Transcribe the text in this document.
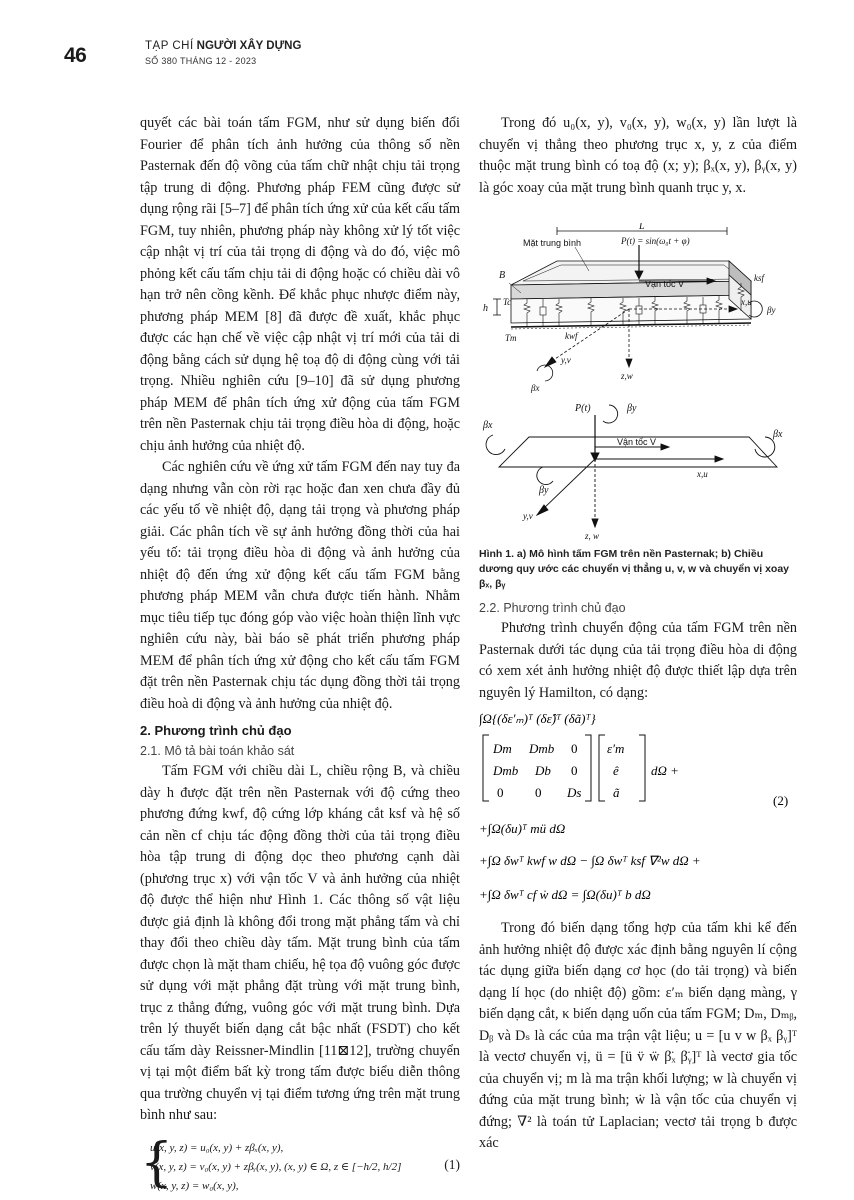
46	TẠP CHÍ NGƯỜI XÂY DỰNG
SỐ 380 THÁNG 12 - 2023

quyết các bài toán tấm FGM, như sử dụng biến đổi Fourier để phân tích ảnh hưởng của thông số nền Pasternak đến độ võng của tấm chữ nhật chịu tải trọng tập trung di động. Phương pháp FEM cũng được sử dụng rộng rãi [5–7] để phân tích ứng xử của kết cấu tấm FGM, tuy nhiên, phương pháp này không xử lý tốt việc cập nhật vị trí của tải trọng di động và do đó, việc mô phỏng kết cấu tấm chịu tải di động hoặc có chiều dài vô hạn trở nên cồng kềnh. Để khắc phục nhược điểm này, phương pháp MEM [8] đã được đề xuất, khắc phục được các hạn chế về việc cập nhật vị trí mới của tải di động bằng cách sử dụng hệ toạ độ di động cùng với tải trọng. Nhiều nghiên cứu [9–10] đã sử dụng phương pháp MEM để phân tích ứng xử động của tấm FGM trên nền Pasternak chịu tải trọng điều hòa di động, hoặc chịu ảnh hưởng của nhiệt độ.

Các nghiên cứu về ứng xử tấm FGM đến nay tuy đa dạng nhưng vẫn còn rời rạc hoặc đan xen chưa đầy đủ các yếu tố về nhiệt độ, dạng tải trọng và phương pháp giải. Các phân tích về sự ảnh hưởng đồng thời của hai yếu tố: tải trọng điều hòa di động và ảnh hưởng của nhiệt độ đến ứng xử động kết cấu tấm FGM bằng phương pháp MEM vẫn chưa được tiến hành. Nhằm mục tiêu tiếp tục đóng góp vào việc hoàn thiện lĩnh vực nghiên cứu này, bài báo sẽ phát triển phương pháp MEM để phân tích ứng xử động cho kết cấu tấm FGM đặt trên nền Pasternak chịu tác dụng đồng thời tải trọng điều hoà di động và ảnh hưởng của nhiệt độ.

2. Phương trình chủ đạo
2.1. Mô tả bài toán khảo sát

Tấm FGM với chiều dài L, chiều rộng B, và chiều dày h được đặt trên nền Pasternak với độ cứng theo phương đứng kwf, độ cứng lớp kháng cắt ksf và hệ số cản nền cf chịu tác động đồng thời của tải trọng điều hòa tập trung di động dọc theo phương cạnh dài (phương trục x) với vận tốc V và ảnh hưởng của nhiệt độ được thể hiện như Hình 1. Các thông số vật liệu được giả định là không đổi trong mặt phẳng tấm và chỉ thay đổi theo chiều dày tấm. Mặt trung bình của tấm được chọn là mặt tham chiếu, hệ tọa độ vuông góc được sử dụng với mặt phẳng đặt trùng với mặt trung bình, trục z thẳng đứng, vuông góc với mặt trung bình. Dựa trên lý thuyết biến dạng cắt bậc nhất (FSDT) cho kết cấu tấm dày Reissner-Mindlin [11⊠12], trường chuyển vị tại một điểm bất kỳ trong tấm được biểu diễn thông qua trường chuyển vị tại điểm tương ứng trên mặt trung bình như sau:

{
u(x, y, z) = u₀(x, y) + zβₓ(x, y),
v(x, y, z) = v₀(x, y) + zβᵧ(x, y), (x, y) ∈ Ω, z ∈ [−h/2, h/2]
w(x, y, z) = w₀(x, y),
(1)

Trong đó u₀(x, y), v₀(x, y), w₀(x, y) lần lượt là chuyển vị thẳng theo phương trục x, y, z của điểm thuộc mặt trung bình có toạ độ (x; y); βₓ(x, y), βᵧ(x, y) là góc xoay của mặt trung bình quanh trục y, x.

L
Mặt trung bình	P(t) = sin(ω₀t + φ)
Vận tốc V
B
h
Tc
Tm	kwf
ksf
x,u
βy
y,v
βx
z,w
P(t)	βy
βx
Vận tốc V
βx
βy
x,u
y,v
z, w
Hình 1. a) Mô hình tấm FGM trên nền Pasternak; b) Chiều dương quy ước các chuyển vị thẳng u, v, w và chuyển vị xoay βₓ, βᵧ
2.2. Phương trình chủ đạo

Phương trình chuyển động của tấm FGM trên nền Pasternak dưới tác dụng của tải trọng điều hòa di động có xem xét ảnh hưởng nhiệt độ được thiết lập dựa trên nguyên lý Hamilton, có dạng:

∫Ω{(δε′ₘ)ᵀ (δε̂)ᵀ (δã)ᵀ}
Dm Dmb 0
Dmb Db 0
0 0 Ds
ε′m
ê
ã
dΩ +
(2)
+∫Ω(δu)ᵀ mü dΩ
+∫Ω δwᵀ kwf w dΩ − ∫Ω δwᵀ ksf ∇²w dΩ +
+∫Ω δwᵀ cf ẇ dΩ = ∫Ω(δu)ᵀ b dΩ

Trong đó biến dạng tổng hợp của tấm khi kể đến ảnh hưởng nhiệt độ được xác định bằng nguyên lí cộng tác dụng giữa biến dạng cơ học (do tải trọng) và biến dạng lí học (do nhiệt độ) gồm: ε′ₘ biến dạng màng, γ biến dạng cắt, κ biến dạng uốn của tấm FGM; Dₘ, Dₘᵦ, Dᵦ và Dₛ là các của ma trận vật liệu; u = [u v w βₓ βᵧ]ᵀ là vectơ chuyển vị, ü = [ü v̈ ẅ β̈ₓ β̈ᵧ]ᵀ là vectơ gia tốc của chuyển vị; m là ma trận khối lượng; w là chuyển vị đứng của mặt trung bình; ẇ là vận tốc của chuyển vị đứng; ∇² là toán tử Laplacian; vectơ tải trọng b được xác
